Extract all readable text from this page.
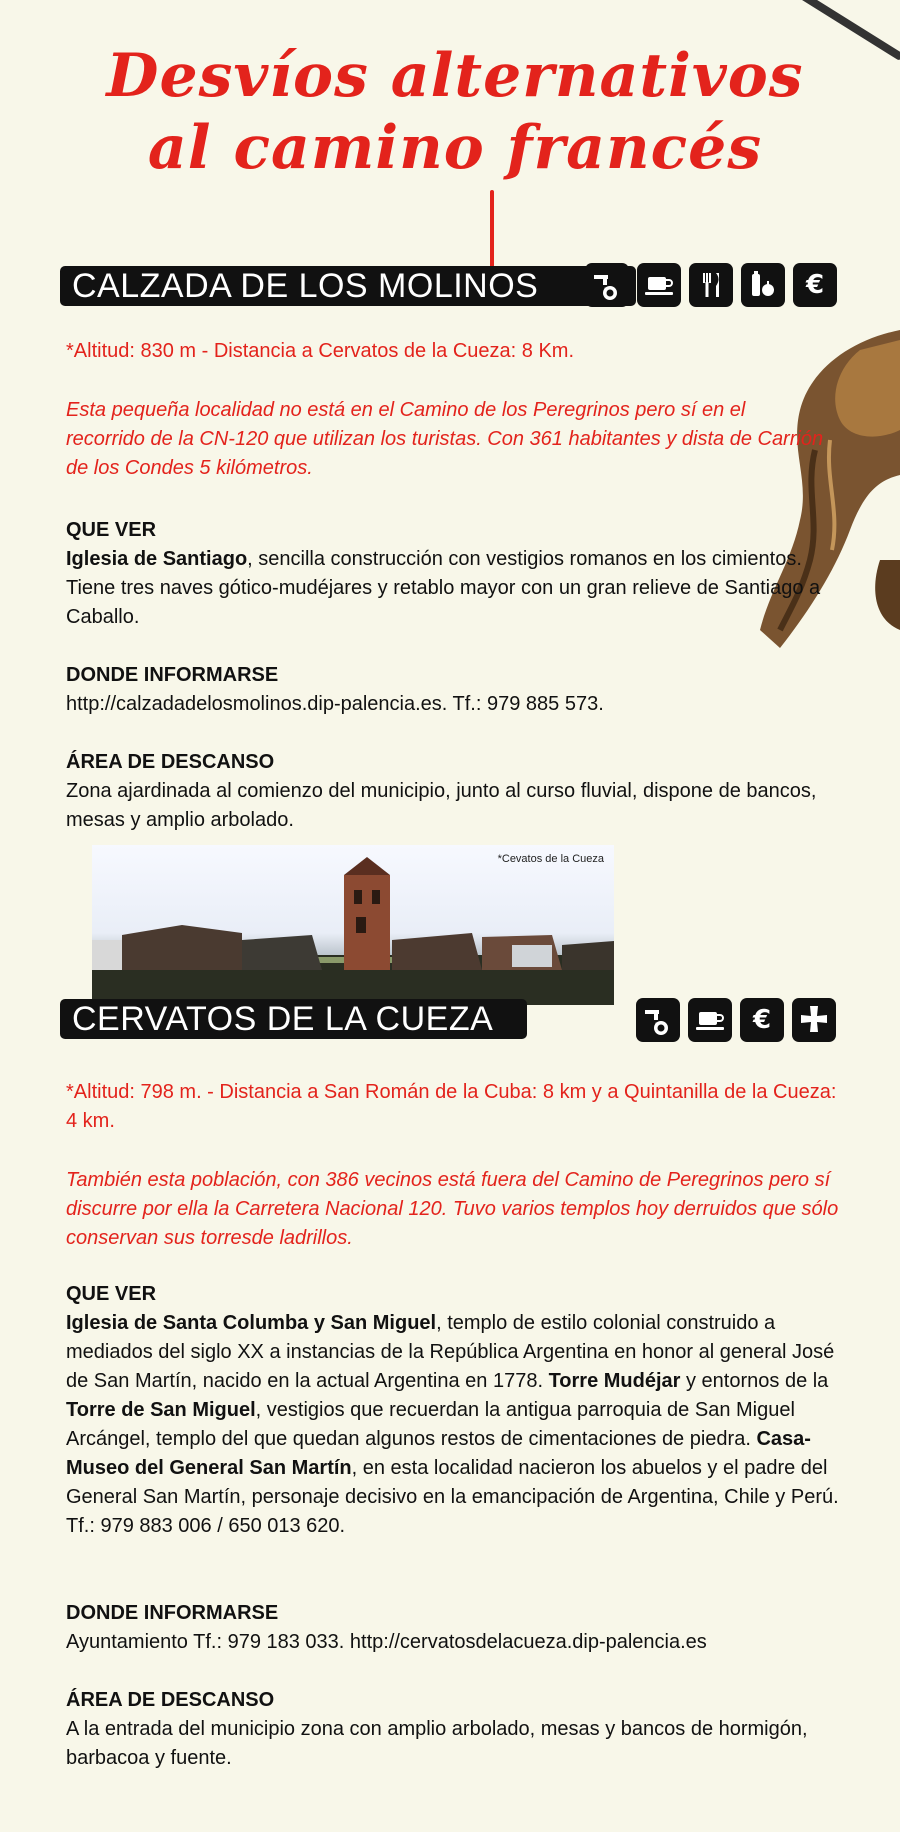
Desvíos alternativos
al camino francés
CALZADA DE LOS MOLINOS	€
*Altitud: 830 m - Distancia a Cervatos de la Cueza: 8 Km.
Esta pequeña localidad no está en el Camino de los Peregrinos pero sí en el recorrido de la CN-120 que utilizan los turistas. Con 361 habitantes y dista de Carrión de los Condes 5 kilómetros.
QUE VER
Iglesia de Santiago, sencilla construcción con vestigios romanos en los cimientos. Tiene tres naves gótico-mudéjares y retablo mayor con un gran relieve de Santiago a Caballo.
DONDE INFORMARSE
http://calzadadelosmolinos.dip-palencia.es. Tf.: 979 885 573.
ÁREA DE DESCANSO
Zona ajardinada al comienzo del municipio, junto al curso fluvial, dispone de bancos, mesas y amplio arbolado.
*Cevatos de la Cueza
CERVATOS DE LA CUEZA	€
*Altitud: 798 m. - Distancia a San Román de la Cuba: 8 km y a Quintanilla de la Cueza: 4 km.
También esta población, con 386 vecinos está fuera del Camino de Peregrinos pero sí discurre por ella la Carretera Nacional 120. Tuvo varios templos hoy derruidos que sólo conservan sus torresde ladrillos.
QUE VER
Iglesia de Santa Columba y San Miguel, templo de estilo colonial construido a mediados del siglo XX a instancias de la República Argentina en honor al general José de San Martín, nacido en la actual Argentina en 1778. Torre Mudéjar y entornos de la Torre de San Miguel, vestigios que recuerdan la antigua parroquia de San Miguel Arcángel, templo del que quedan algunos restos de cimentaciones de piedra. Casa-Museo del General San Martín, en esta localidad nacieron los abuelos y el padre del General San Martín, personaje decisivo en la emancipación de Argentina, Chile y Perú. Tf.: 979 883 006 / 650 013 620.
DONDE INFORMARSE
Ayuntamiento Tf.: 979 183 033. http://cervatosdelacueza.dip-palencia.es
ÁREA DE DESCANSO
A la entrada del municipio zona con amplio arbolado, mesas y bancos de hormigón, barbacoa y fuente.
